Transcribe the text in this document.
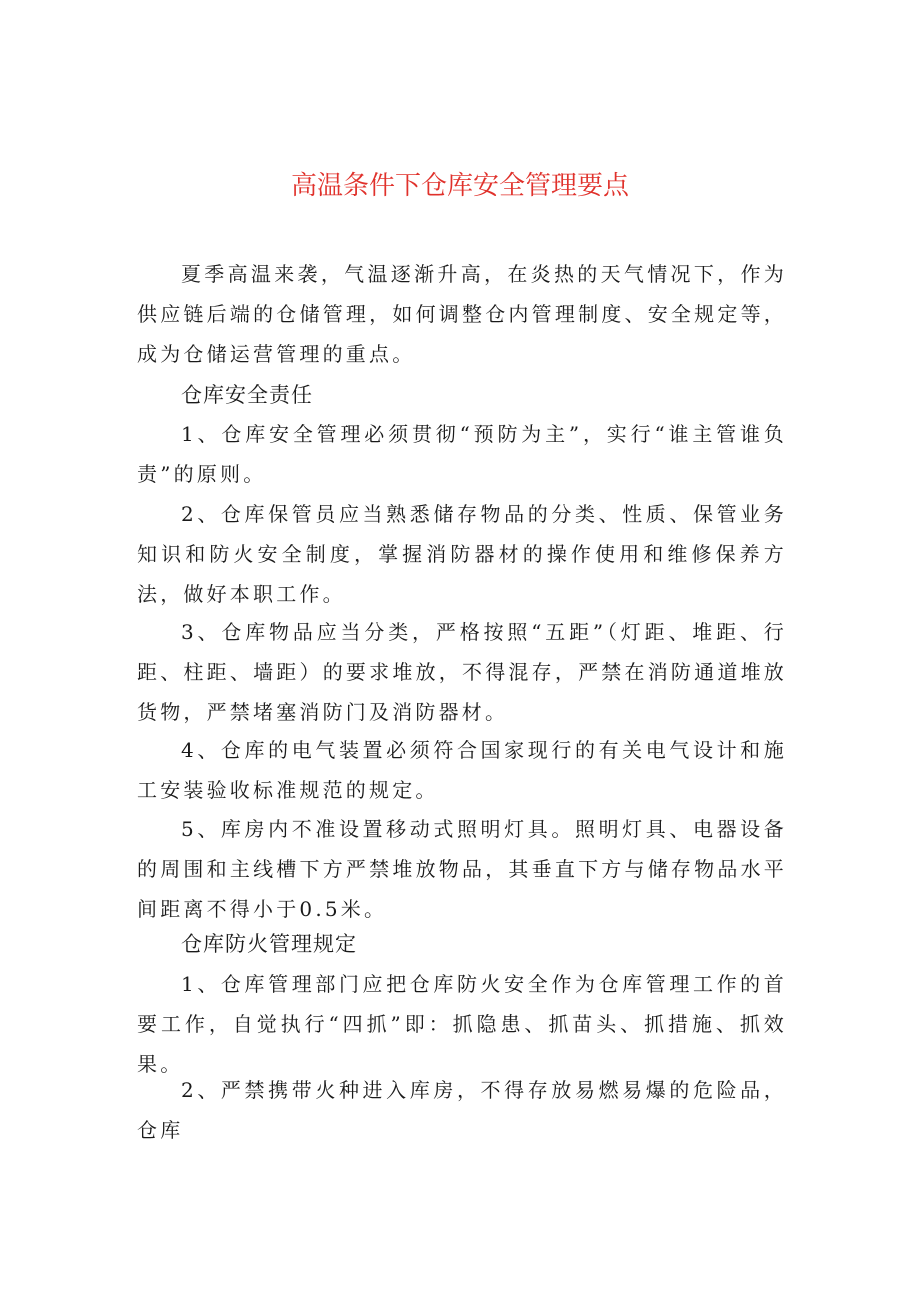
高温条件下仓库安全管理要点

夏季高温来袭，气温逐渐升高，在炎热的天气情况下，作为供应链后端的仓储管理，如何调整仓内管理制度、安全规定等，成为仓储运营管理的重点。

仓库安全责任

1、仓库安全管理必须贯彻“预防为主”，实行“谁主管谁负责”的原则。

2、仓库保管员应当熟悉储存物品的分类、性质、保管业务知识和防火安全制度，掌握消防器材的操作使用和维修保养方法，做好本职工作。

3、仓库物品应当分类，严格按照“五距”（灯距、堆距、行距、柱距、墙距）的要求堆放，不得混存，严禁在消防通道堆放货物，严禁堵塞消防门及消防器材。

4、仓库的电气装置必须符合国家现行的有关电气设计和施工安装验收标准规范的规定。

5、库房内不准设置移动式照明灯具。照明灯具、电器设备的周围和主线槽下方严禁堆放物品，其垂直下方与储存物品水平间距离不得小于0.5米。

仓库防火管理规定

1、仓库管理部门应把仓库防火安全作为仓库管理工作的首要工作，自觉执行“四抓”即：抓隐患、抓苗头、抓措施、抓效果。

2、严禁携带火种进入库房，不得存放易燃易爆的危险品，仓库
